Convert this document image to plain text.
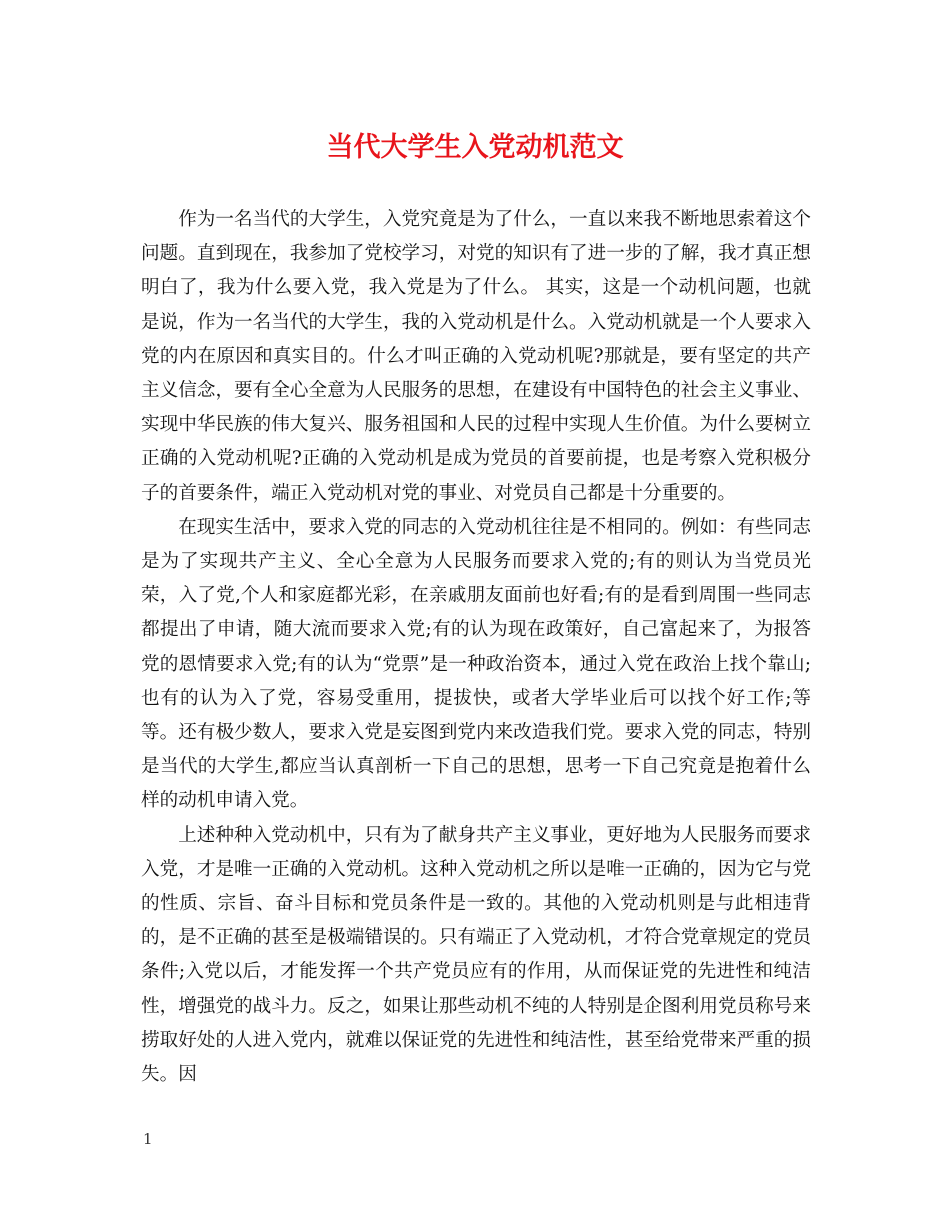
当代大学生入党动机范文

作为一名当代的大学生，入党究竟是为了什么，一直以来我不断地思索着这个问题。直到现在，我参加了党校学习，对党的知识有了进一步的了解，我才真正想明白了，我为什么要入党，我入党是为了什么。 其实，这是一个动机问题，也就是说，作为一名当代的大学生，我的入党动机是什么。入党动机就是一个人要求入党的内在原因和真实目的。什么才叫正确的入党动机呢?那就是，要有坚定的共产主义信念，要有全心全意为人民服务的思想，在建设有中国特色的社会主义事业、实现中华民族的伟大复兴、服务祖国和人民的过程中实现人生价值。为什么要树立正确的入党动机呢?正确的入党动机是成为党员的首要前提，也是考察入党积极分子的首要条件，端正入党动机对党的事业、对党员自己都是十分重要的。

在现实生活中，要求入党的同志的入党动机往往是不相同的。例如：有些同志是为了实现共产主义、全心全意为人民服务而要求入党的;有的则认为当党员光荣，入了党,个人和家庭都光彩，在亲戚朋友面前也好看;有的是看到周围一些同志都提出了申请，随大流而要求入党;有的认为现在政策好，自己富起来了，为报答党的恩情要求入党;有的认为“党票”是一种政治资本，通过入党在政治上找个靠山;也有的认为入了党，容易受重用，提拔快，或者大学毕业后可以找个好工作;等等。还有极少数人，要求入党是妄图到党内来改造我们党。要求入党的同志，特别是当代的大学生,都应当认真剖析一下自己的思想，思考一下自己究竟是抱着什么样的动机申请入党。

上述种种入党动机中，只有为了献身共产主义事业，更好地为人民服务而要求入党，才是唯一正确的入党动机。这种入党动机之所以是唯一正确的，因为它与党的性质、宗旨、奋斗目标和党员条件是一致的。其他的入党动机则是与此相违背的，是不正确的甚至是极端错误的。只有端正了入党动机，才符合党章规定的党员条件;入党以后，才能发挥一个共产党员应有的作用，从而保证党的先进性和纯洁性，增强党的战斗力。反之，如果让那些动机不纯的人特别是企图利用党员称号来捞取好处的人进入党内，就难以保证党的先进性和纯洁性，甚至给党带来严重的损失。因

1
